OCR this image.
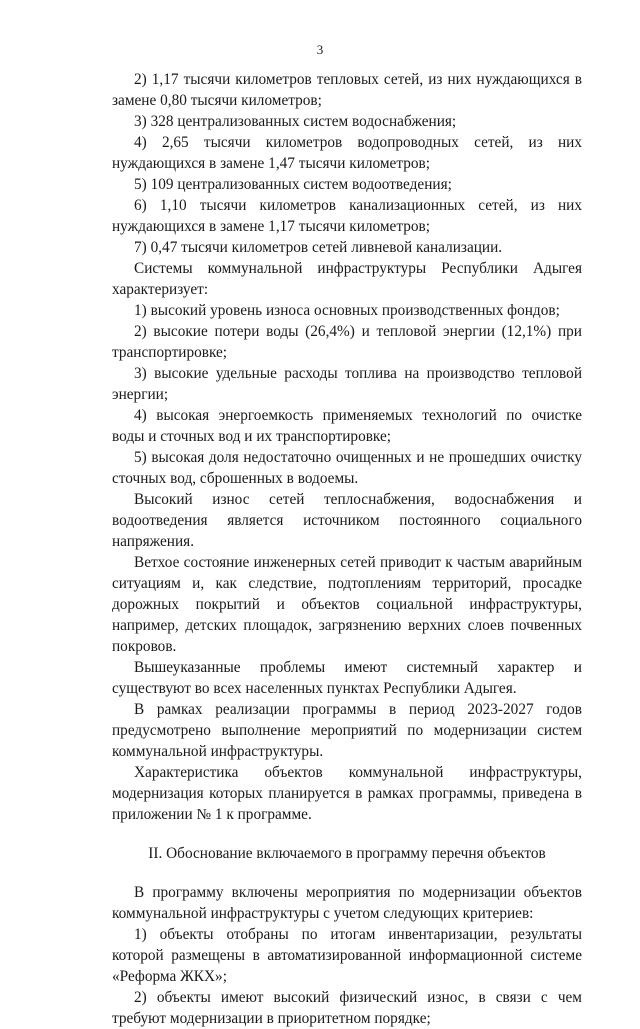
3

2) 1,17 тысячи километров тепловых сетей, из них нуждающихся в замене 0,80 тысячи километров;

3) 328 централизованных систем водоснабжения;

4) 2,65 тысячи километров водопроводных сетей, из них нуждающихся в замене 1,47 тысячи километров;

5) 109 централизованных систем водоотведения;

6) 1,10 тысячи километров канализационных сетей, из них нуждающихся в замене 1,17 тысячи километров;

7) 0,47 тысячи километров сетей ливневой канализации.

Системы коммунальной инфраструктуры Республики Адыгея характеризует:

1) высокий уровень износа основных производственных фондов;

2) высокие потери воды (26,4%) и тепловой энергии (12,1%) при транспортировке;

3) высокие удельные расходы топлива на производство тепловой энергии;

4) высокая энергоемкость применяемых технологий по очистке воды и сточных вод и их транспортировке;

5) высокая доля недостаточно очищенных и не прошедших очистку сточных вод, сброшенных в водоемы.

Высокий износ сетей теплоснабжения, водоснабжения и водоотведения является источником постоянного социального напряжения.

Ветхое состояние инженерных сетей приводит к частым аварийным ситуациям и, как следствие, подтоплениям территорий, просадке дорожных покрытий и объектов социальной инфраструктуры, например, детских площадок, загрязнению верхних слоев почвенных покровов.

Вышеуказанные проблемы имеют системный характер и существуют во всех населенных пунктах Республики Адыгея.

В рамках реализации программы в период 2023-2027 годов предусмотрено выполнение мероприятий по модернизации систем коммунальной инфраструктуры.

Характеристика объектов коммунальной инфраструктуры, модернизация которых планируется в рамках программы, приведена в приложении № 1 к программе.

II. Обоснование включаемого в программу перечня объектов

В программу включены мероприятия по модернизации объектов коммунальной инфраструктуры с учетом следующих критериев:

1) объекты отобраны по итогам инвентаризации, результаты которой размещены в автоматизированной информационной системе «Реформа ЖКХ»;

2) объекты имеют высокий физический износ, в связи с чем требуют модернизации в приоритетном порядке;
